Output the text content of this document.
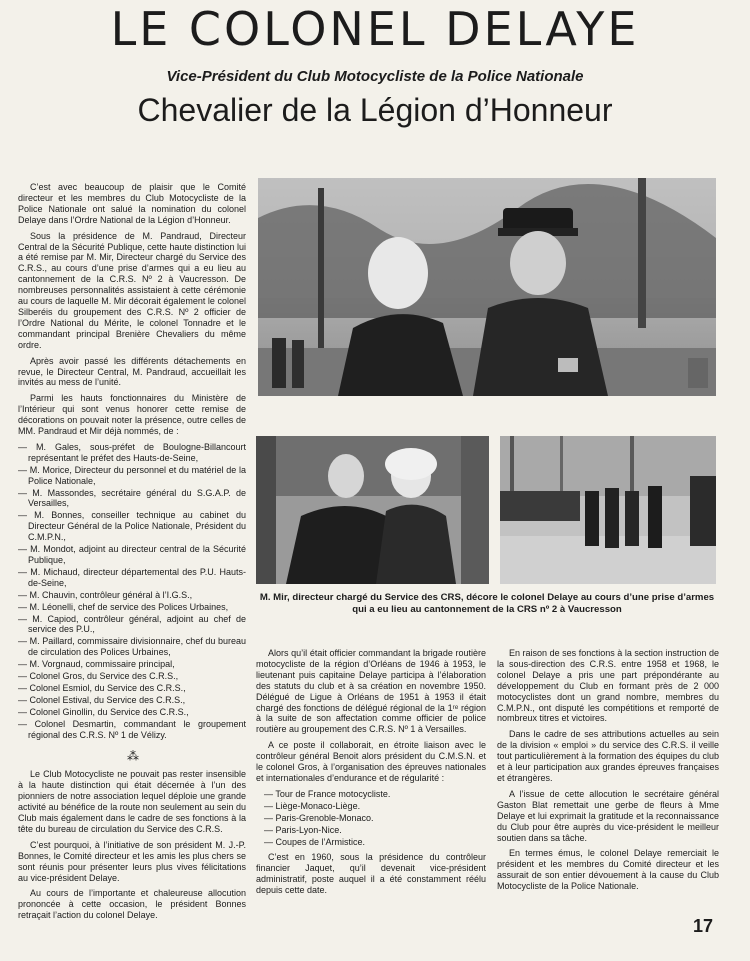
LE COLONEL DELAYE
Vice-Président du Club Motocycliste de la Police Nationale
Chevalier de la Légion d’Honneur

C’est avec beaucoup de plaisir que le Comité directeur et les membres du Club Motocycliste de la Police Nationale ont salué la nomination du colonel Delaye dans l’Ordre National de la Légion d’Honneur.

Sous la présidence de M. Pandraud, Directeur Central de la Sécurité Publique, cette haute distinction lui a été remise par M. Mir, Directeur chargé du Service des C.R.S., au cours d’une prise d’armes qui a eu lieu au cantonnement de la C.R.S. Nº 2 à Vaucresson. De nombreuses personnalités assistaient à cette cérémonie au cours de laquelle M. Mir décorait également le colonel Silberéis du groupement des C.R.S. Nº 2 officier de l’Ordre National du Mérite, le colonel Tonnadre et le commandant principal Brenière Chevaliers du même ordre.

Après avoir passé les différents détachements en revue, le Directeur Central, M. Pandraud, accueillait les invités au mess de l’unité.

Parmi les hauts fonctionnaires du Ministère de l’Intérieur qui sont venus honorer cette remise de décorations on pouvait noter la présence, outre celles de MM. Pandraud et Mir déjà nommés, de :

— M. Gales, sous-préfet de Boulogne-Billancourt représentant le préfet des Hauts-de-Seine,
— M. Morice, Directeur du personnel et du matériel de la Police Nationale,
— M. Massondes, secrétaire général du S.G.A.P. de Versailles,
— M. Bonnes, conseiller technique au cabinet du Directeur Général de la Police Nationale, Président du C.M.P.N.,
— M. Mondot, adjoint au directeur central de la Sécurité Publique,
— M. Michaud, directeur départemental des P.U. Hauts-de-Seine,
— M. Chauvin, contrôleur général à l’I.G.S.,
— M. Léonelli, chef de service des Polices Urbaines,
— M. Capiod, contrôleur général, adjoint au chef de service des P.U.,
— M. Paillard, commissaire divisionnaire, chef du bureau de circulation des Polices Urbaines,
— M. Vorgnaud, commissaire principal,
— Colonel Gros, du Service des C.R.S.,
— Colonel Esmiol, du Service des C.R.S.,
— Colonel Estival, du Service des C.R.S.,
— Colonel Ginollin, du Service des C.R.S.,
— Colonel Desmartin, commandant le groupement régional des C.R.S. Nº 1 de Vélizy.
⁂

Le Club Motocycliste ne pouvait pas rester insensible à la haute distinction qui était décernée à l’un des pionniers de notre association lequel déploie une grande activité au bénéfice de la route non seulement au sein du Club mais également dans le cadre de ses fonctions à la tête du bureau de circulation du Service des C.R.S.

C’est pourquoi, à l’initiative de son président M. J.-P. Bonnes, le Comité directeur et les amis les plus chers se sont réunis pour présenter leurs plus vives félicitations au vice-président Delaye.

Au cours de l’importante et chaleureuse allocution prononcée à cette occasion, le président Bonnes retraçait l’action du colonel Delaye.

M. Mir, directeur chargé du Service des CRS, décore le colonel Delaye au cours d’une prise d’armes qui a eu lieu au cantonnement de la CRS nº 2 à Vaucresson

Alors qu’il était officier commandant la brigade routière motocycliste de la région d’Orléans de 1946 à 1953, le lieutenant puis capitaine Delaye participa à l’élaboration des statuts du club et à sa création en novembre 1950. Délégué de Ligue à Orléans de 1951 à 1953 il était chargé des fonctions de délégué régional de la 1ʳᵉ région à la suite de son affectation comme officier de police routière au groupement des C.R.S. Nº 1 à Versailles.

A ce poste il collaborait, en étroite liaison avec le contrôleur général Benoit alors président du C.M.S.N. et le colonel Gros, à l’organisation des épreuves nationales et internationales d’endurance et de régularité :

— Tour de France motocycliste.
— Liège-Monaco-Liège.
— Paris-Grenoble-Monaco.
— Paris-Lyon-Nice.
— Coupes de l’Armistice.

C’est en 1960, sous la présidence du contrôleur financier Jaquet, qu’il devenait vice-président administratif, poste auquel il a été constamment réélu depuis cette date.

En raison de ses fonctions à la section instruction de la sous-direction des C.R.S. entre 1958 et 1968, le colonel Delaye a pris une part prépondérante au développement du Club en formant près de 2 000 motocyclistes dont un grand nombre, membres du C.M.P.N., ont disputé les compétitions et remporté de nombreux titres et victoires.

Dans le cadre de ses attributions actuelles au sein de la division « emploi » du service des C.R.S. il veille tout particulièrement à la formation des équipes du club et à leur participation aux grandes épreuves françaises et étrangères.

A l’issue de cette allocution le secrétaire général Gaston Blat remettait une gerbe de fleurs à Mme Delaye et lui exprimait la gratitude et la reconnaissance du Club pour être auprès du vice-président le meilleur soutien dans sa tâche.

En termes émus, le colonel Delaye remerciait le président et les membres du Comité directeur et les assurait de son entier dévouement à la cause du Club Motocycliste de la Police Nationale.

17
